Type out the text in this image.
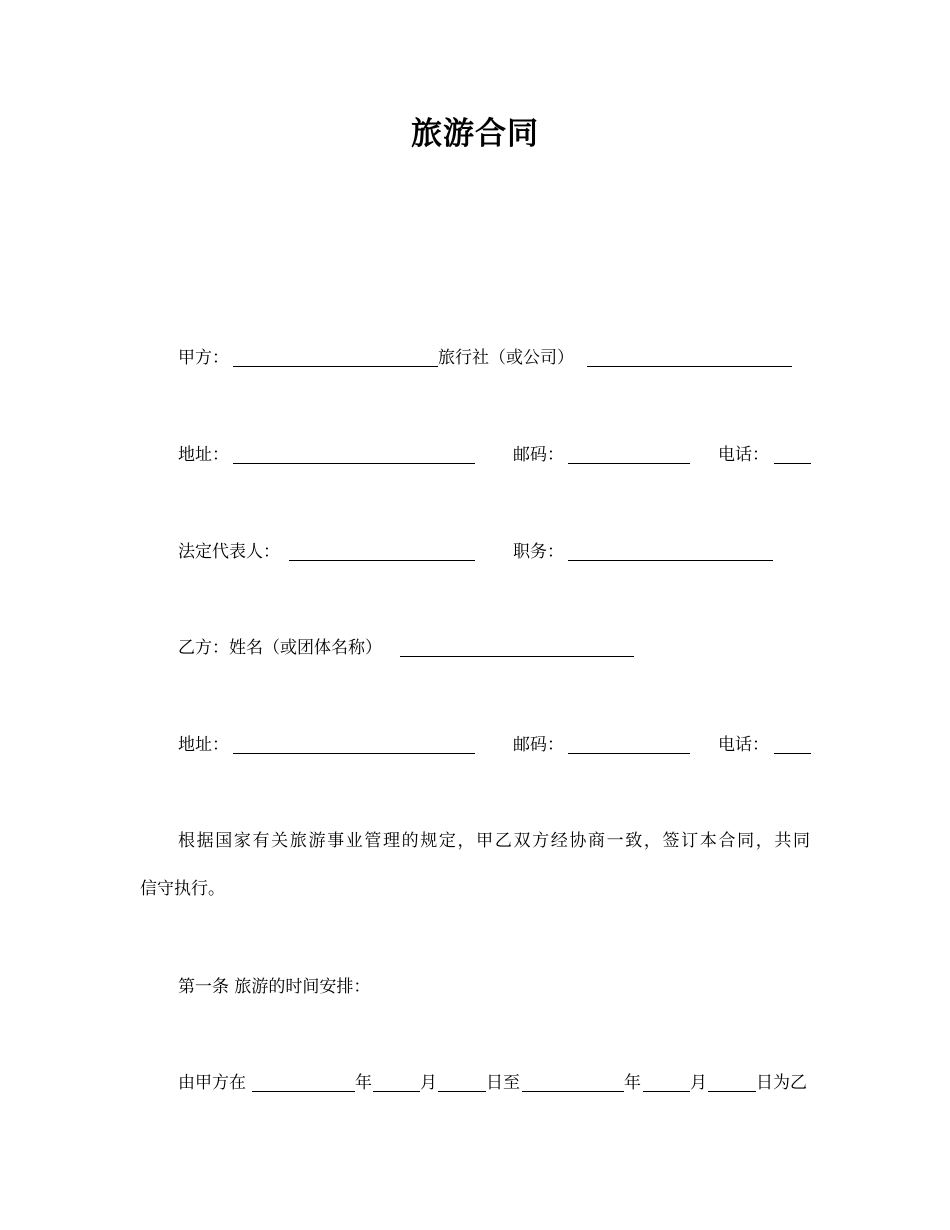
旅游合同
甲方：	旅行社（或公司）
地址：	邮码：	电话：
法定代表人：	职务：
乙方：姓名（或团体名称）
地址：	邮码：	电话：
根据国家有关旅游事业管理的规定，甲乙双方经协商一致，签订本合同，共同
信守执行。
第一条 旅游的时间安排：
由甲方在	年	月	日至	年	月	日为乙
